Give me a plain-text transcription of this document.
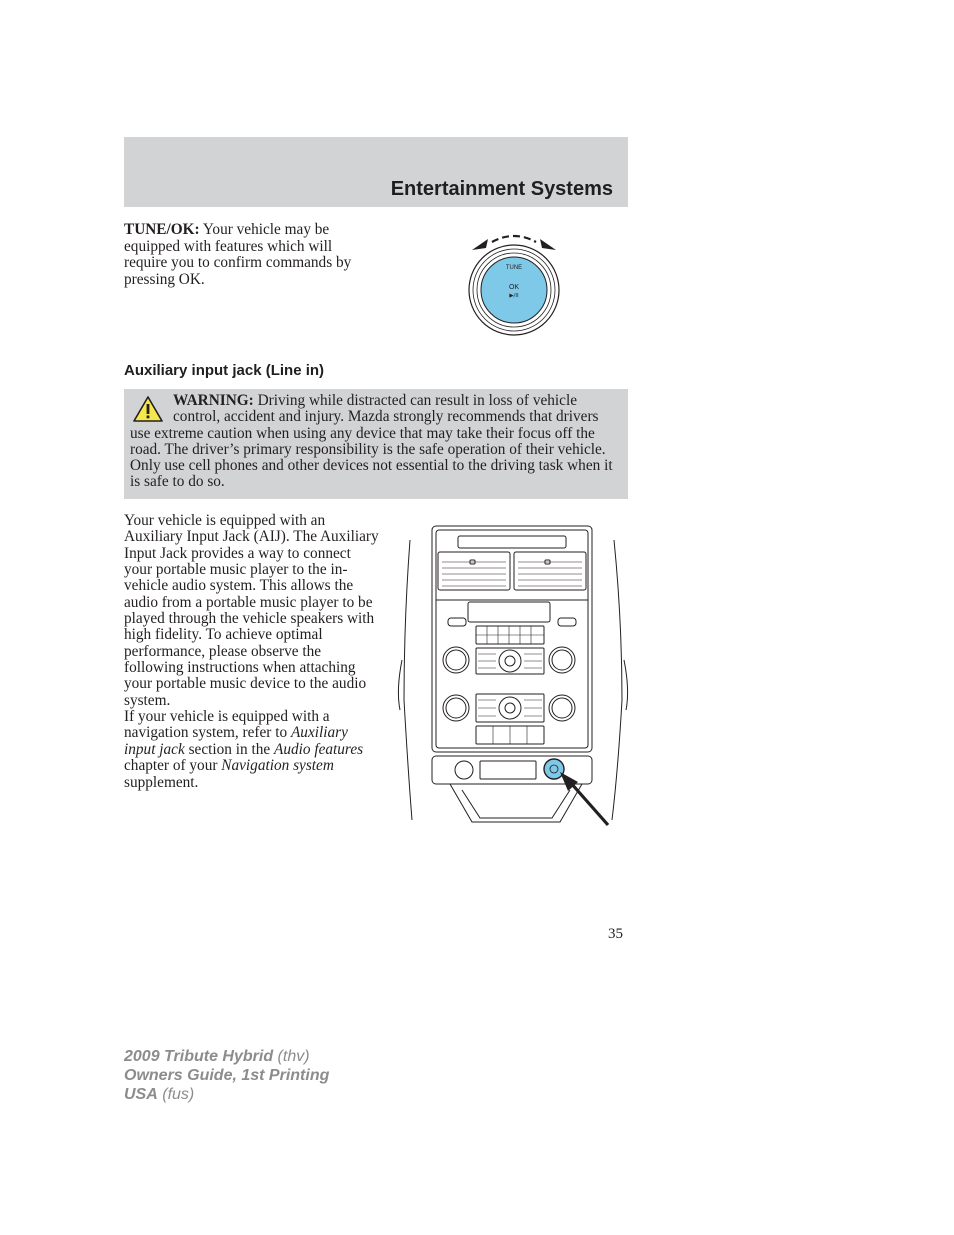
Entertainment Systems

TUNE/OK: Your vehicle may be equipped with features which will require you to confirm commands by pressing OK.

TUNE
OK
▶/II
Auxiliary input jack (Line in)

WARNING: Driving while distracted can result in loss of vehicle control, accident and injury. Mazda strongly recommends that drivers use extreme caution when using any device that may take their focus off the road. The driver’s primary responsibility is the safe operation of their vehicle. Only use cell phones and other devices not essential to the driving task when it is safe to do so.

Your vehicle is equipped with an Auxiliary Input Jack (AIJ). The Auxiliary Input Jack provides a way to connect your portable music player to the in-vehicle audio system. This allows the audio from a portable music player to be played through the vehicle speakers with high fidelity. To achieve optimal performance, please observe the following instructions when attaching your portable music device to the audio system.
If your vehicle is equipped with a navigation system, refer to Auxiliary input jack section in the Audio features chapter of your Navigation system supplement.

35

2009 Tribute Hybrid (thv)
Owners Guide, 1st Printing
USA (fus)
